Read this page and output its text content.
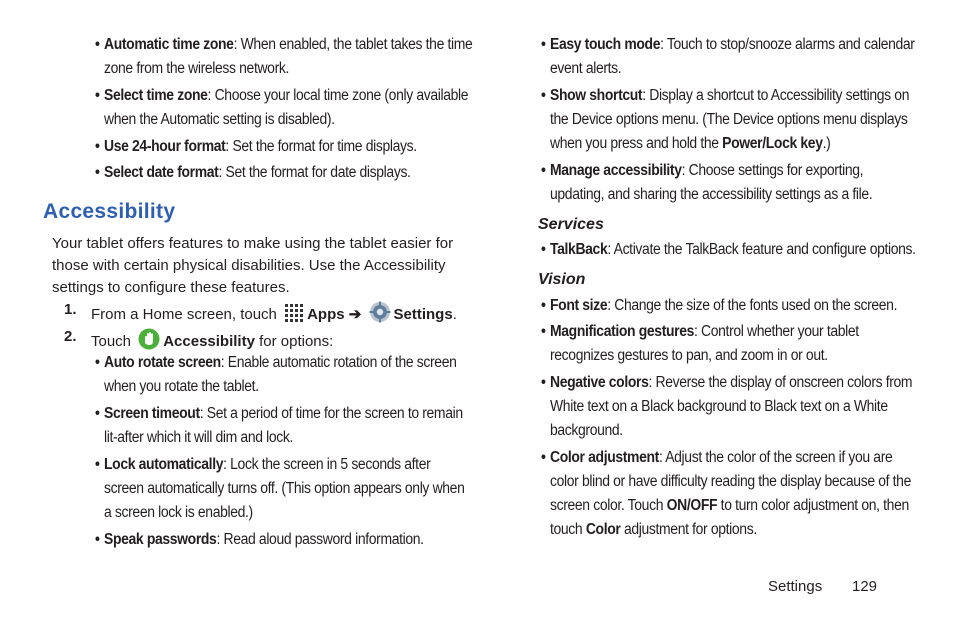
• Automatic time zone: When enabled, the tablet takes the time
zone from the wireless network.
• Select time zone: Choose your local time zone (only available
when the Automatic setting is disabled).
• Use 24-hour format: Set the format for time displays.
• Select date format: Set the format for date displays.
Accessibility
Your tablet offers features to make using the tablet easier for
those with certain physical disabilities. Use the Accessibility
settings to configure these features.
1. From a Home screen, touch Apps ➔ Settings.
2. Touch Accessibility for options:
• Auto rotate screen: Enable automatic rotation of the screen
when you rotate the tablet.
• Screen timeout: Set a period of time for the screen to remain
lit-after which it will dim and lock.
• Lock automatically: Lock the screen in 5 seconds after
screen automatically turns off. (This option appears only when
a screen lock is enabled.)
• Speak passwords: Read aloud password information.
• Easy touch mode: Touch to stop/snooze alarms and calendar
event alerts.
• Show shortcut: Display a shortcut to Accessibility settings on
the Device options menu. (The Device options menu displays
when you press and hold the Power/Lock key.)
• Manage accessibility: Choose settings for exporting,
updating, and sharing the accessibility settings as a file.
Services
• TalkBack: Activate the TalkBack feature and configure options.
Vision
• Font size: Change the size of the fonts used on the screen.
• Magnification gestures: Control whether your tablet
recognizes gestures to pan, and zoom in or out.
• Negative colors: Reverse the display of onscreen colors from
White text on a Black background to Black text on a White
background.
• Color adjustment: Adjust the color of the screen if you are
color blind or have difficulty reading the display because of the
screen color. Touch ON/OFF to turn color adjustment on, then
touch Color adjustment for options.
Settings 129
